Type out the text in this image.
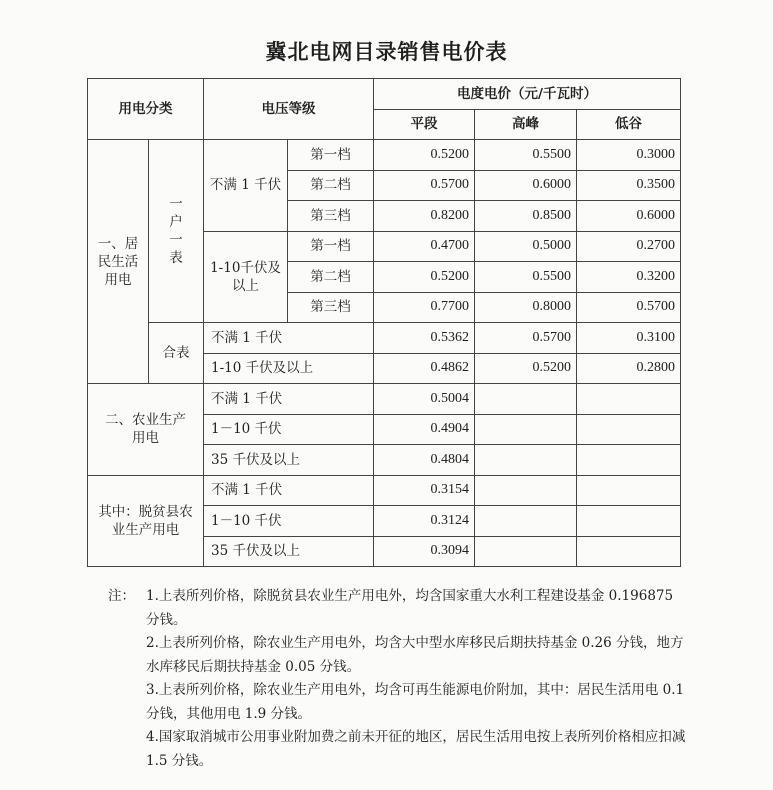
冀北电网目录销售电价表
用电分类		电压等级		电度电价（元/千瓦时）		
				平段	高峰	低谷
一、居民生活用电	一户一表	不满 1 千伏	第一档	0.5200	0.5500	0.3000
			第二档	0.5700	0.6000	0.3500
			第三档	0.8200	0.8500	0.6000
		1-10千伏及以上	第一档	0.4700	0.5000	0.2700
			第二档	0.5200	0.5500	0.3200
			第三档	0.7700	0.8000	0.5700
	合表	不满 1 千伏		0.5362	0.5700	0.3100
		1-10 千伏及以上		0.4862	0.5200	0.2800
二、农业生产用电		不满 1 千伏		0.5004		
		1－10 千伏		0.4904		
		35 千伏及以上		0.4804		
其中：脱贫县农业生产用电		不满 1 千伏		0.3154		
		1－10 千伏		0.3124		
		35 千伏及以上		0.3094		
注： 1.上表所列价格，除脱贫县农业生产用电外，均含国家重大水利工程建设基金 0.196875 分钱。
2.上表所列价格，除农业生产用电外，均含大中型水库移民后期扶持基金 0.26 分钱，地方水库移民后期扶持基金 0.05 分钱。
3.上表所列价格，除农业生产用电外，均含可再生能源电价附加，其中：居民生活用电 0.1 分钱，其他用电 1.9 分钱。
4.国家取消城市公用事业附加费之前未开征的地区，居民生活用电按上表所列价格相应扣减 1.5 分钱。
